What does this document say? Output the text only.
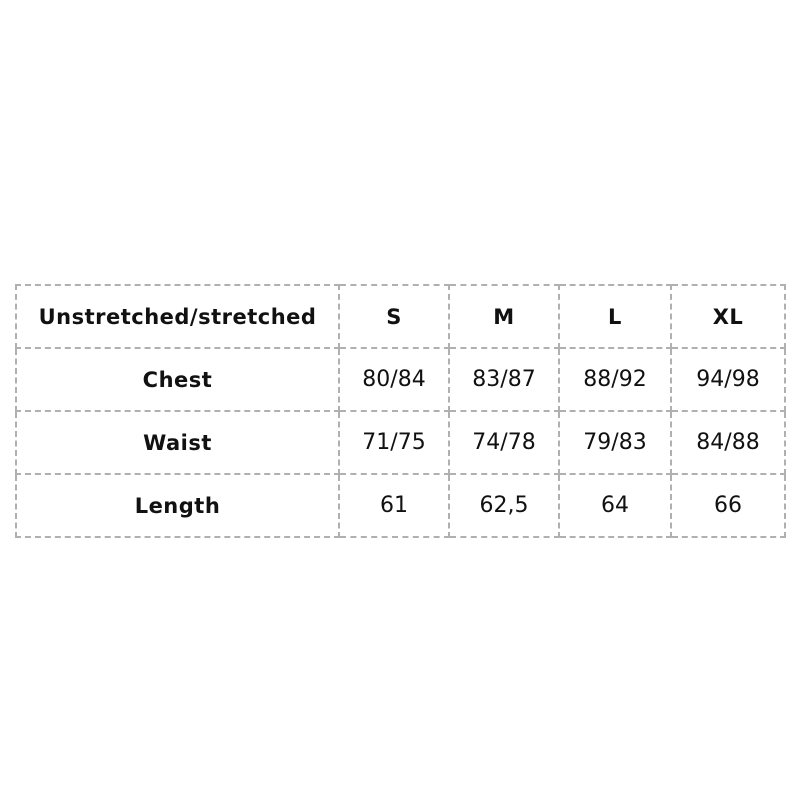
Unstretched/stretched	S	M	L	XL
Chest	80/84	83/87	88/92	94/98
Waist	71/75	74/78	79/83	84/88
Length	61	62,5	64	66
